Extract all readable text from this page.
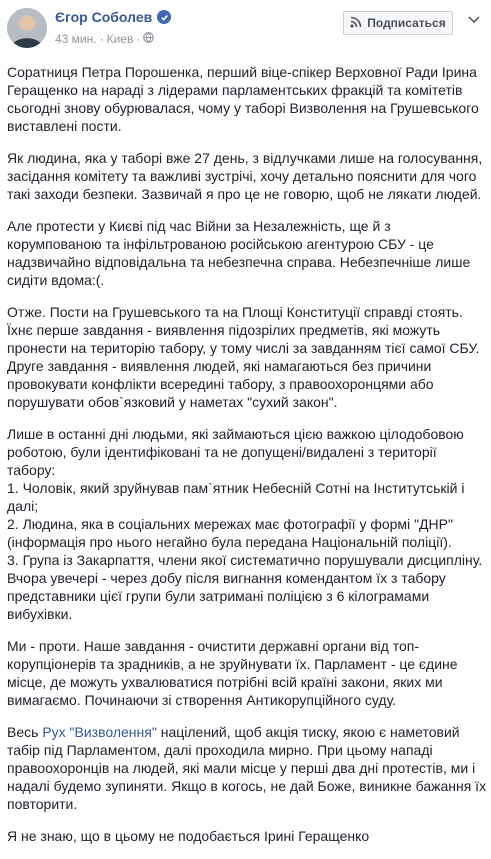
Єгор Соболев
43 мин. · Киев ·
Подписаться

Соратниця Петра Порошенка, перший віце-спікер Верховної Ради Ірина Геращенко на нараді з лідерами парламентських фракцій та комітетів сьогодні знову обурювалася, чому у таборі Визволення на Грушевського виставлені пости.

Як людина, яка у таборі вже 27 день, з відлучками лише на голосування, засідання комітету та важливі зустрічі, хочу детально пояснити для чого такі заходи безпеки. Зазвичай я про це не говорю, щоб не лякати людей.

Але протести у Києві під час Війни за Незалежність, ще й з корумпованою та інфільтрованою російською агентурою СБУ - це надзвичайно відповідальна та небезпечна справа. Небезпечніше лише сидіти вдома:(.

Отже. Пости на Грушевського та на Площі Конституції справді стоять. Їхнє перше завдання - виявлення підозрілих предметів, які можуть пронести на територію табору, у тому числі за завданням тієї самої СБУ. Друге завдання - виявлення людей, які намагаються без причини провокувати конфлікти всередині табору, з правоохоронцями або порушувати обов`язковий у наметах "сухий закон".

Лише в останні дні людьми, які займаються цією важкою цілодобовою роботою, були ідентифіковані та не допущені/видалені з території табору:
1. Чоловік, який зруйнував пам`ятник Небесній Сотні на Інститутській і далі;
2. Людина, яка в соціальних мережах має фотографії у формі "ДНР" (інформація про нього негайно була передана Національній поліції).
3. Група із Закарпаття, члени якої систематично порушували дисципліну. Вчора увечері - через добу після вигнання комендантом їх з табору представники цієї групи були затримані поліцією з 6 кілограмами вибухівки.

Ми - проти. Наше завдання - очистити державні органи від топ-корупціонерів та зрадників, а не зруйнувати їх. Парламент - це єдине місце, де можуть ухвалюватися потрібні всій країні закони, яких ми вимагаємо. Починаючи зі створення Антикорупційного суду.

Весь Рух "Визволення" націлений, щоб акція тиску, якою є наметовий табір під Парламентом, далі проходила мирно. При цьому нападі правоохоронців на людей, які мали місце у перші два дні протестів, ми і надалі будемо зупиняти. Якщо в когось, не дай Боже, виникне бажання їх повторити.

Я не знаю, що в цьому не подобається Ірині Геращенко
